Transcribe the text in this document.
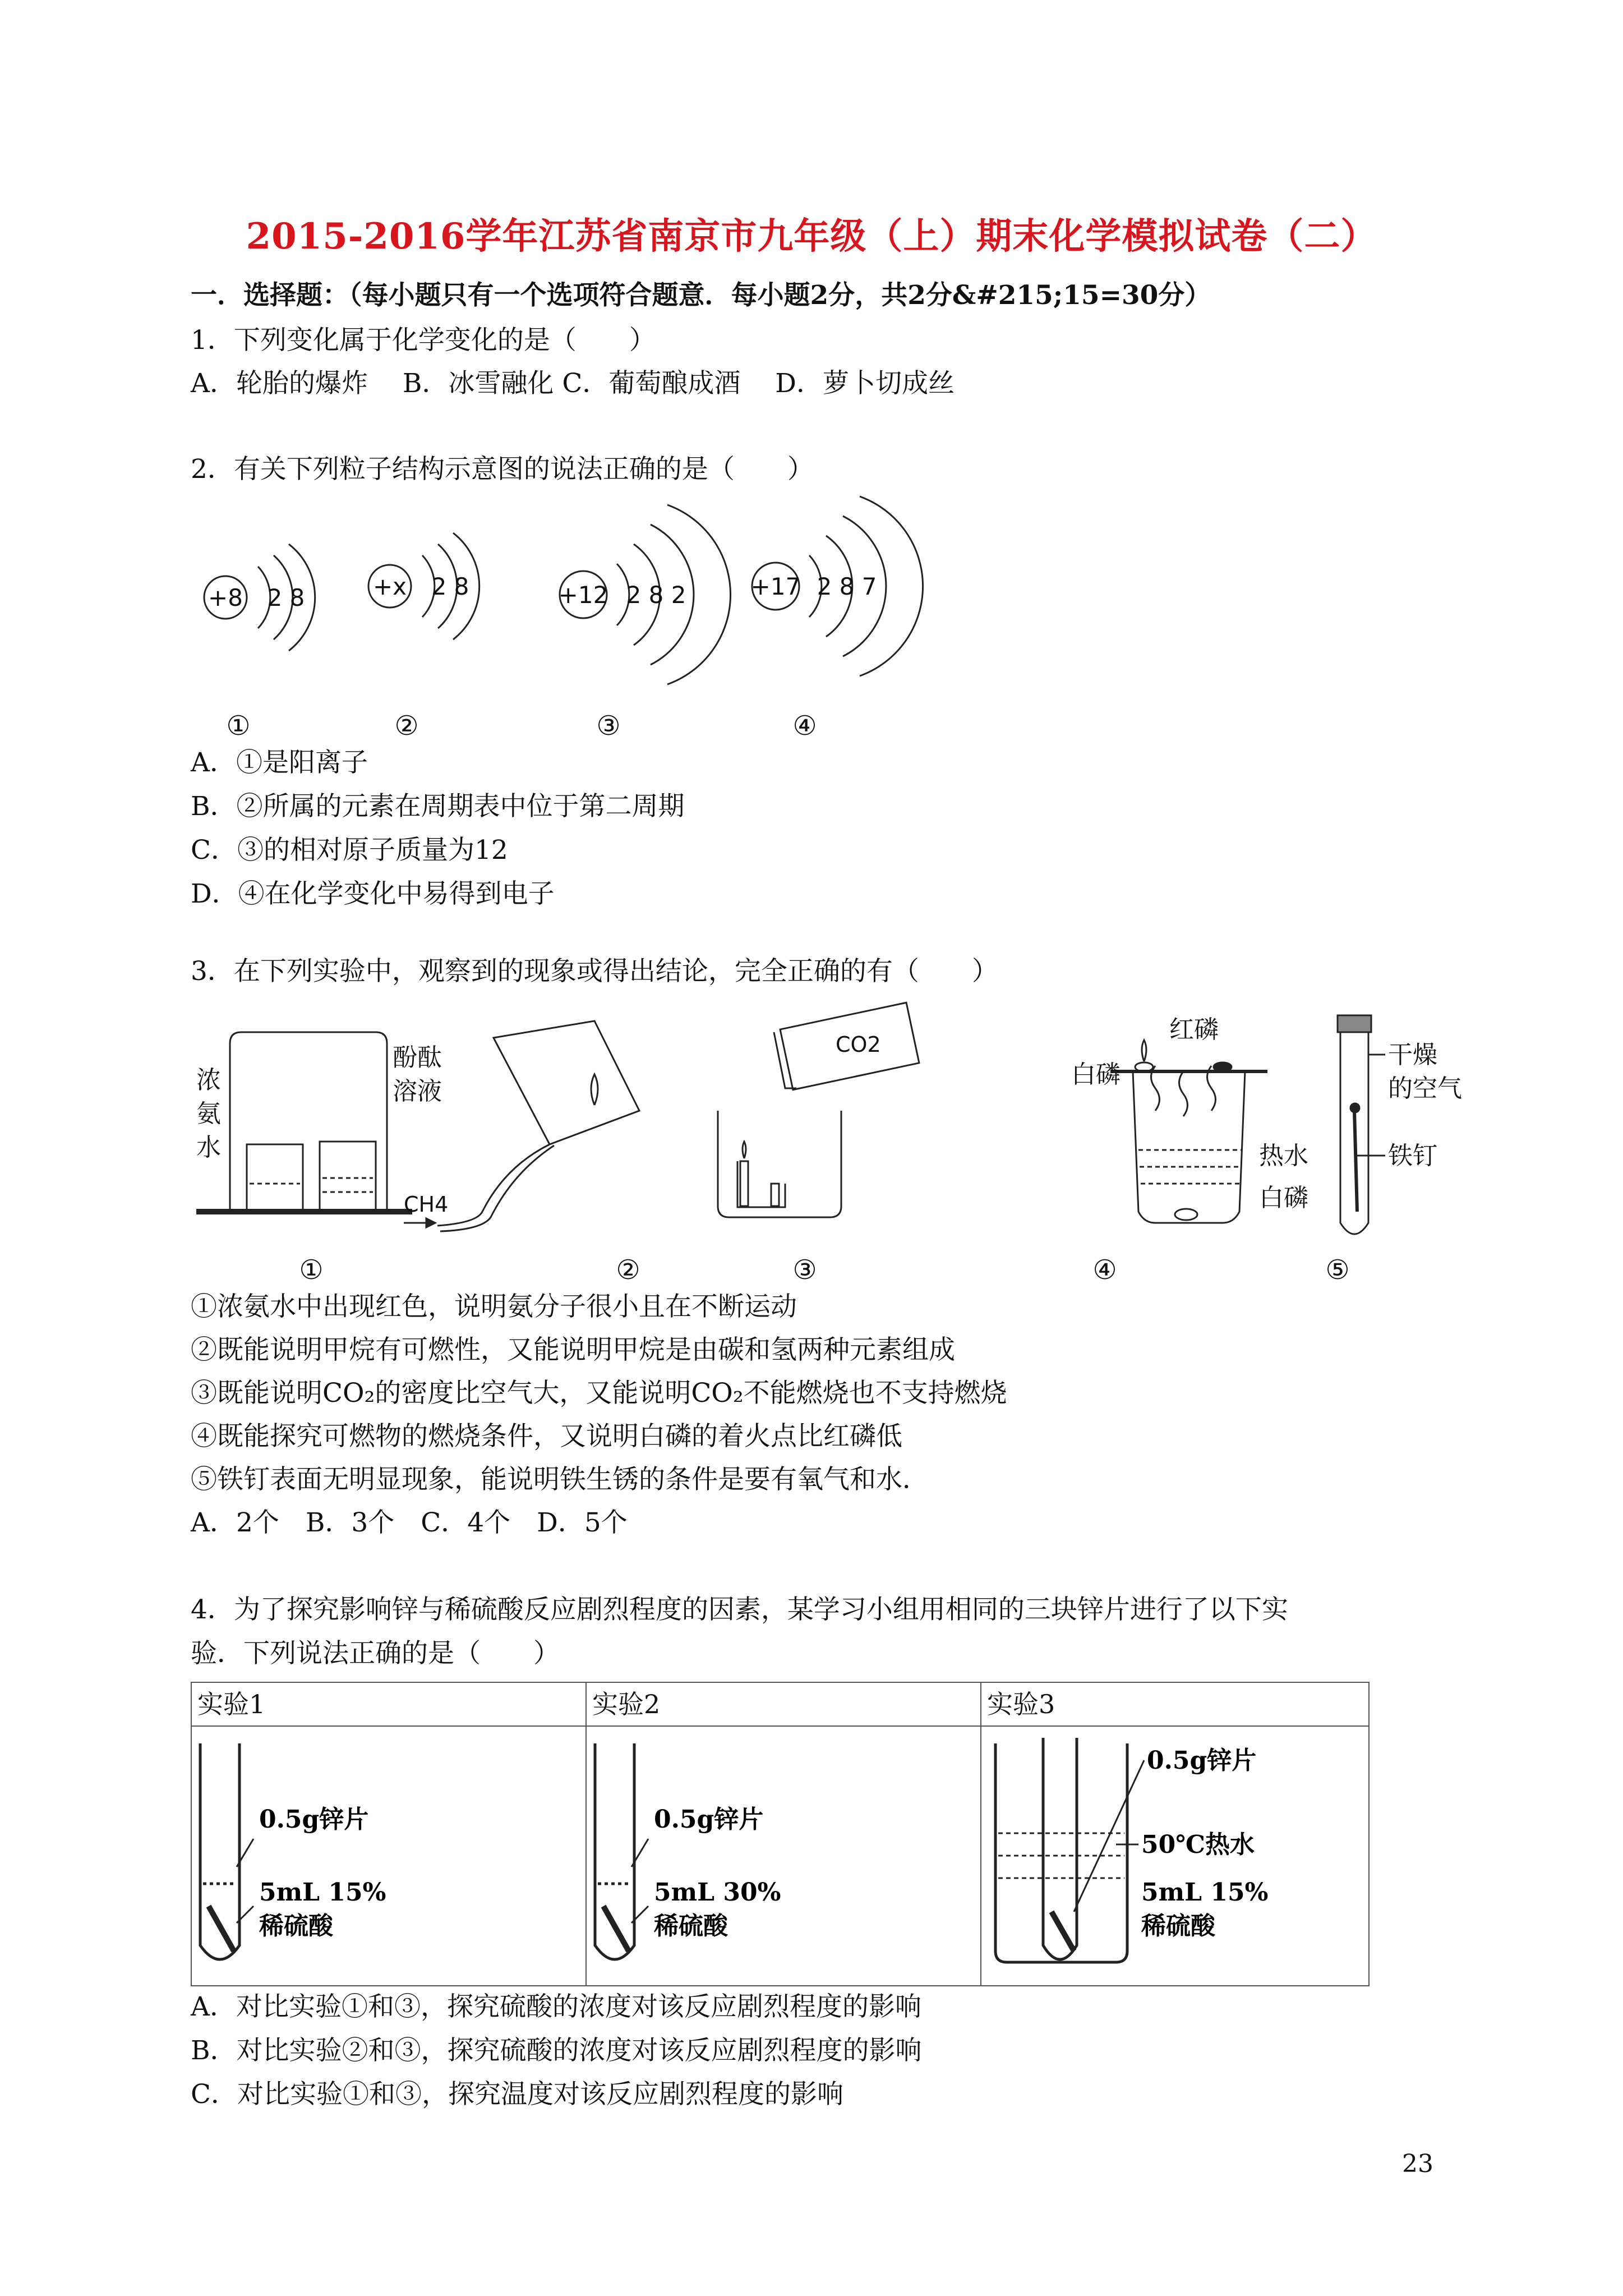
2015-2016学年江苏省南京市九年级（上）期末化学模拟试卷（二）
一．选择题：（每小题只有一个选项符合题意．每小题2分，共2分&#215;15=30分）
1．下列变化属于化学变化的是（　　）
A．轮胎的爆炸　 B．冰雪融化 C．葡萄酿成酒　 D．萝卜切成丝
2．有关下列粒子结构示意图的说法正确的是（　　）
+8 2 8	+x 2 8	+12 2 8 2	+17 2 8 7
①	②	③	④
A．①是阳离子
B．②所属的元素在周期表中位于第二周期
C．③的相对原子质量为12
D．④在化学变化中易得到电子
3．在下列实验中，观察到的现象或得出结论，完全正确的有（　　）
浓
氨
水
酚酞
溶液
CH4
CO2
红磷
白磷
热水
白磷
干燥
的空气
铁钉
①	②	③	④	⑤
①浓氨水中出现红色，说明氨分子很小且在不断运动
②既能说明甲烷有可燃性，又能说明甲烷是由碳和氢两种元素组成
③既能说明CO₂的密度比空气大，又能说明CO₂不能燃烧也不支持燃烧
④既能探究可燃物的燃烧条件，又说明白磷的着火点比红磷低
⑤铁钉表面无明显现象，能说明铁生锈的条件是要有氧气和水．
A．2个　B．3个　C．4个　D．5个
4．为了探究影响锌与稀硫酸反应剧烈程度的因素，某学习小组用相同的三块锌片进行了以下实
验．下列说法正确的是（　　）
实验1	实验2	实验3

0.5g锌片
5mL 15%
稀硫酸	0.5g锌片
5mL 30%
稀硫酸	0.5g锌片
50℃热水
5mL 15%
稀硫酸
A．对比实验①和③，探究硫酸的浓度对该反应剧烈程度的影响
B．对比实验②和③，探究硫酸的浓度对该反应剧烈程度的影响
C．对比实验①和③，探究温度对该反应剧烈程度的影响
23
